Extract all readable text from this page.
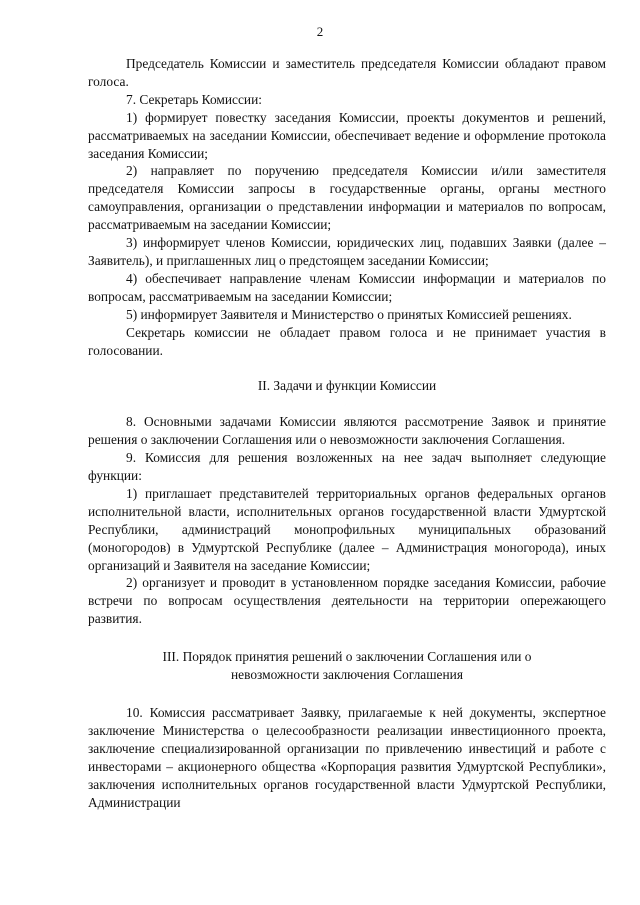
2

Председатель Комиссии и заместитель председателя Комиссии обладают правом голоса.

7. Секретарь Комиссии:

1) формирует повестку заседания Комиссии, проекты документов и решений, рассматриваемых на заседании Комиссии, обеспечивает ведение и оформление протокола заседания Комиссии;

2) направляет по поручению председателя Комиссии и/или заместителя председателя Комиссии запросы в государственные органы, органы местного самоуправления, организации о представлении информации и материалов по вопросам, рассматриваемым на заседании Комиссии;

3) информирует членов Комиссии, юридических лиц, подавших Заявки (далее – Заявитель), и приглашенных лиц о предстоящем заседании Комиссии;

4) обеспечивает направление членам Комиссии информации и материалов по вопросам, рассматриваемым на заседании Комиссии;

5) информирует Заявителя и Министерство о принятых Комиссией решениях.

Секретарь комиссии не обладает правом голоса и не принимает участия в голосовании.

II. Задачи и функции Комиссии

8. Основными задачами Комиссии являются рассмотрение Заявок и принятие решения о заключении Соглашения или о невозможности заключения Соглашения.

9. Комиссия для решения возложенных на нее задач выполняет следующие функции:

1) приглашает представителей территориальных органов федеральных органов исполнительной власти, исполнительных органов государственной власти Удмуртской Республики, администраций монопрофильных муниципальных образований (моногородов) в Удмуртской Республике (далее – Администрация моногорода), иных организаций и Заявителя на заседание Комиссии;

2) организует и проводит в установленном порядке заседания Комиссии, рабочие встречи по вопросам осуществления деятельности на территории опережающего развития.

III. Порядок принятия решений о заключении Соглашения или о невозможности заключения Соглашения

10. Комиссия рассматривает Заявку, прилагаемые к ней документы, экспертное заключение Министерства о целесообразности реализации инвестиционного проекта, заключение специализированной организации по привлечению инвестиций и работе с инвесторами – акционерного общества «Корпорация развития Удмуртской Республики», заключения исполнительных органов государственной власти Удмуртской Республики, Администрации
